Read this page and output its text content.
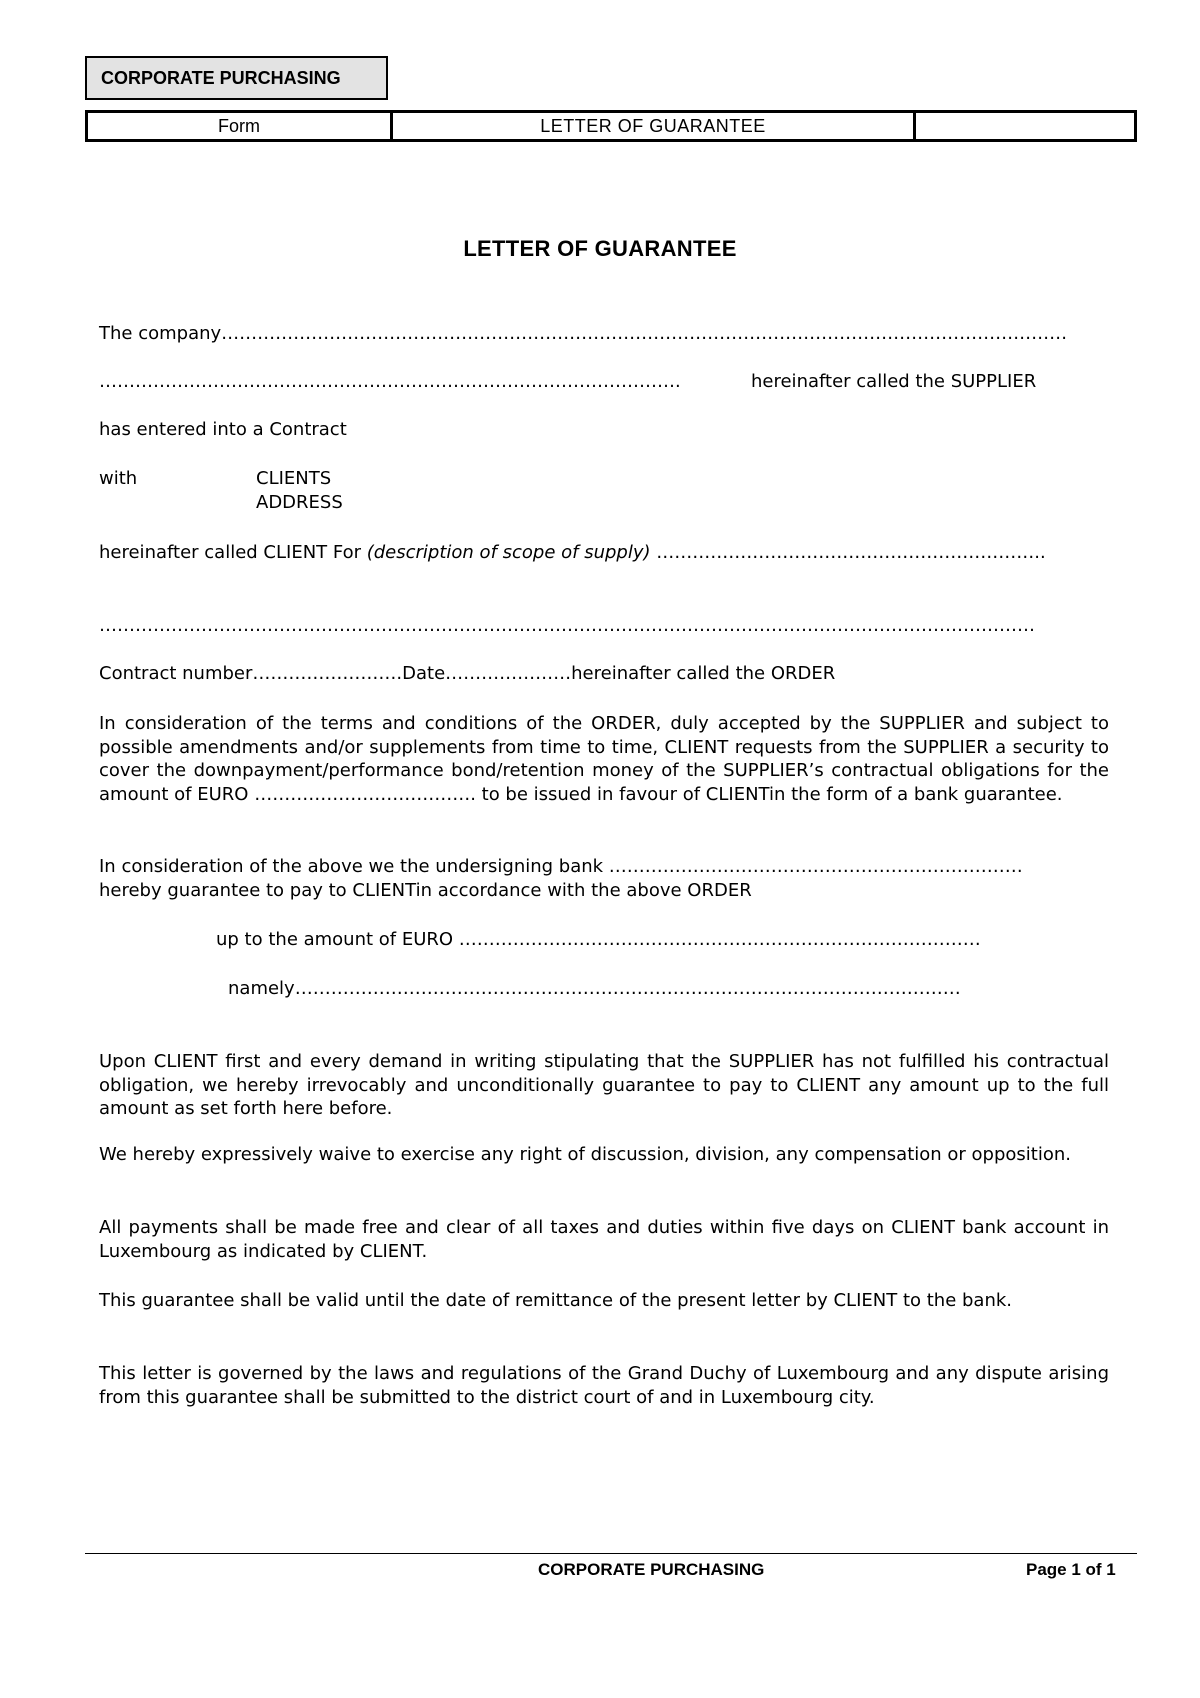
CORPORATE PURCHASING
Form	LETTER OF GUARANTEE
LETTER OF GUARANTEE
The company……………………………………………………………………………………………………………………………
…………………………………………………………………………………….	hereinafter called the SUPPLIER
has entered into a Contract
with	CLIENTS
ADDRESS
hereinafter called CLIENT For (description of scope of supply) ………………………………………………………..
…………………………………………………………………………………………………………………………………………
Contract number…………………….Date…………………hereinafter called the ORDER
In consideration of the terms and conditions of the ORDER, duly accepted by the SUPPLIER and subject to possible amendments and/or supplements from time to time, CLIENT requests from the SUPPLIER a security to cover the downpayment/performance bond/retention money of the SUPPLIER’s contractual obligations for the amount of EURO ………………………………. to be issued in favour of CLIENTin the form of a bank guarantee.
In consideration of the above we the undersigning bank ……………………………………………………………
hereby guarantee to pay to CLIENTin accordance with the above ORDER
up to the amount of EURO ……………………………………………………………………………
namely…………………………………………………………………………………………………
Upon CLIENT first and every demand in writing stipulating that the SUPPLIER has not fulfilled his contractual obligation, we hereby irrevocably and unconditionally guarantee to pay to CLIENT any amount up to the full amount as set forth here before.
We hereby expressively waive to exercise any right of discussion, division, any compensation or opposition.
All payments shall be made free and clear of all taxes and duties within five days on CLIENT bank account in Luxembourg as indicated by CLIENT.
This guarantee shall be valid until the date of remittance of the present letter by CLIENT to the bank.
This letter is governed by the laws and regulations of the Grand Duchy of Luxembourg and any dispute arising from this guarantee shall be submitted to the district court of and in Luxembourg city.
CORPORATE PURCHASING	Page 1 of 1
